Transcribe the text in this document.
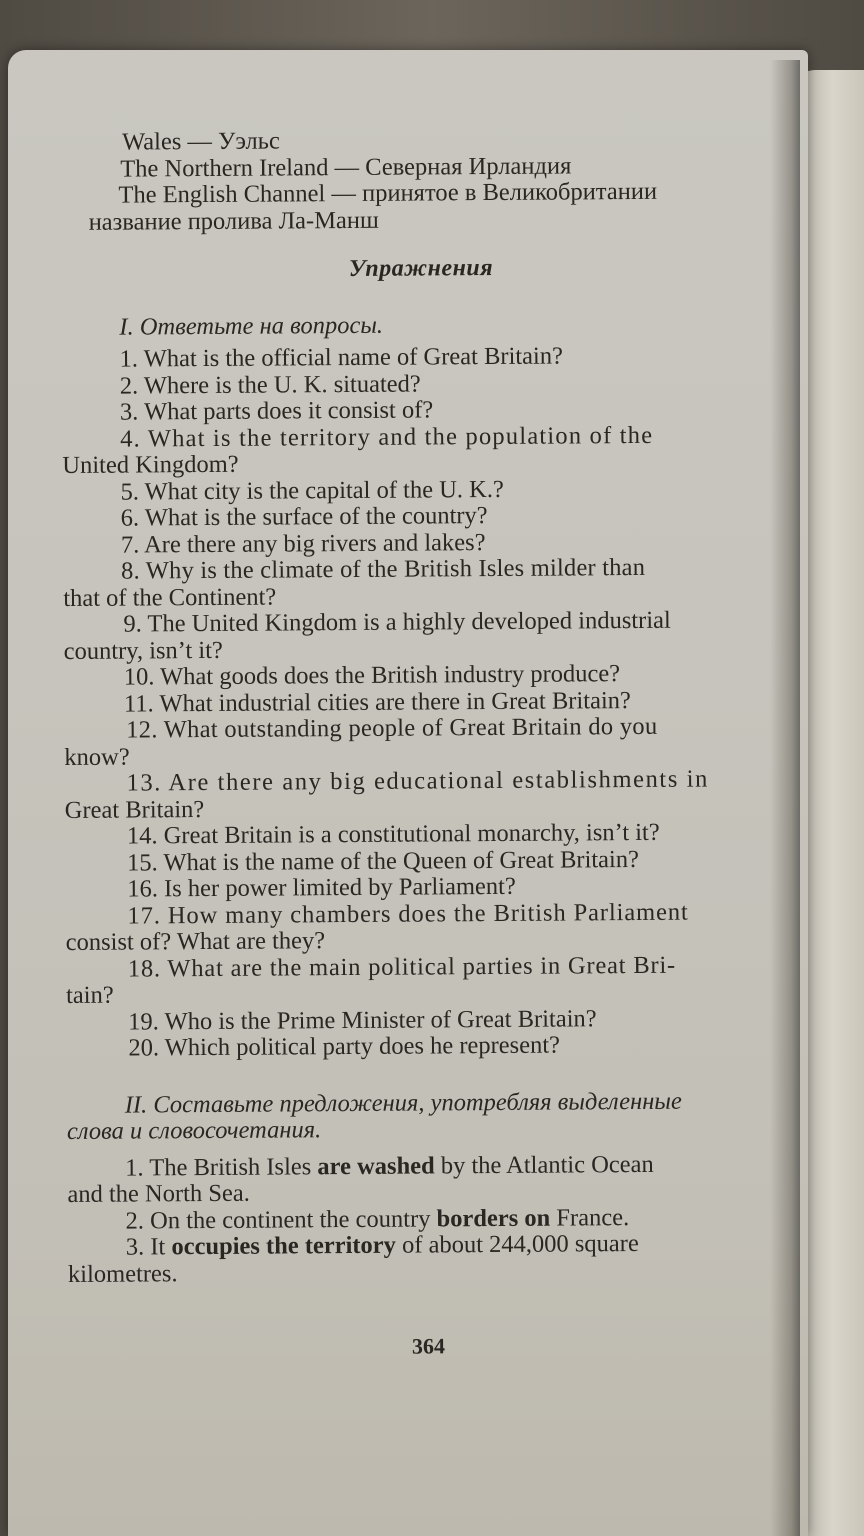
Wales — Уэльс
The Northern Ireland — Северная Ирландия
The English Channel — принятое в Великобритании
название пролива Ла-Манш
Упражнения
I. Ответьте на вопросы.
1. What is the official name of Great Britain?
2. Where is the U. K. situated?
3. What parts does it consist of?
4. What is the territory and the population of the
United Kingdom?
5. What city is the capital of the U. K.?
6. What is the surface of the country?
7. Are there any big rivers and lakes?
8. Why is the climate of the British Isles milder than
that of the Continent?
9. The United Kingdom is a highly developed industrial
country, isn’t it?
10. What goods does the British industry produce?
11. What industrial cities are there in Great Britain?
12. What outstanding people of Great Britain do you
know?
13. Are there any big educational establishments in
Great Britain?
14. Great Britain is a constitutional monarchy, isn’t it?
15. What is the name of the Queen of Great Britain?
16. Is her power limited by Parliament?
17. How many chambers does the British Parliament
consist of? What are they?
18. What are the main political parties in Great Bri-
tain?
19. Who is the Prime Minister of Great Britain?
20. Which political party does he represent?
II. Составьте предложения, употребляя выделенные
слова и словосочетания.
1. The British Isles are washed by the Atlantic Ocean
and the North Sea.
2. On the continent the country borders on France.
3. It occupies the territory of about 244,000 square
kilometres.
364
